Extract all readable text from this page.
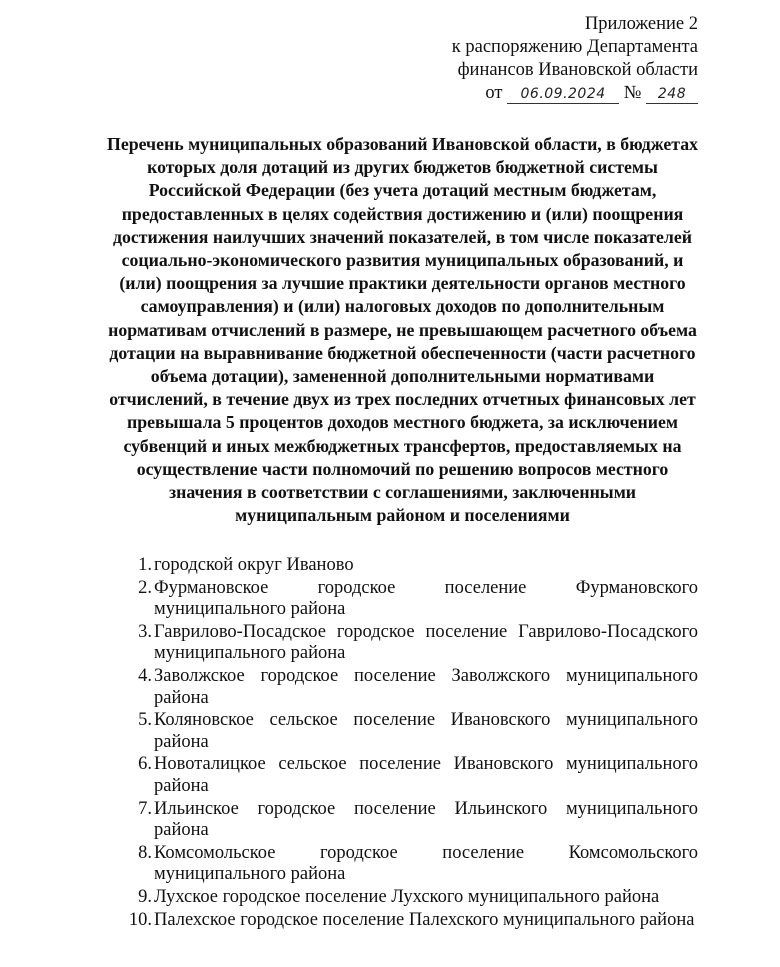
Приложение 2
к распоряжению Департамента
финансов Ивановской области
от 06.09.2024 № 248
Перечень муниципальных образований Ивановской области, в бюджетах которых доля дотаций из других бюджетов бюджетной системы Российской Федерации (без учета дотаций местным бюджетам, предоставленных в целях содействия достижению и (или) поощрения достижения наилучших значений показателей, в том числе показателей социально-экономического развития муниципальных образований, и (или) поощрения за лучшие практики деятельности органов местного самоуправления) и (или) налоговых доходов по дополнительным нормативам отчислений в размере, не превышающем расчетного объема дотации на выравнивание бюджетной обеспеченности (части расчетного объема дотации), замененной дополнительными нормативами отчислений, в течение двух из трех последних отчетных финансовых лет превышала 5 процентов доходов местного бюджета, за исключением субвенций и иных межбюджетных трансфертов, предоставляемых на осуществление части полномочий по решению вопросов местного значения в соответствии с соглашениями, заключенными муниципальным районом и поселениями
1. городской округ Иваново
2. Фурмановское городское поселение Фурмановского муниципального района
3. Гаврилово-Посадское городское поселение Гаврилово-Посадского муниципального района
4. Заволжское городское поселение Заволжского муниципального района
5. Коляновское сельское поселение Ивановского муниципального района
6. Новоталицкое сельское поселение Ивановского муниципального района
7. Ильинское городское поселение Ильинского муниципального района
8. Комсомольское городское поселение Комсомольского муниципального района
9. Лухское городское поселение Лухского муниципального района
10. Палехское городское поселение Палехского муниципального района
